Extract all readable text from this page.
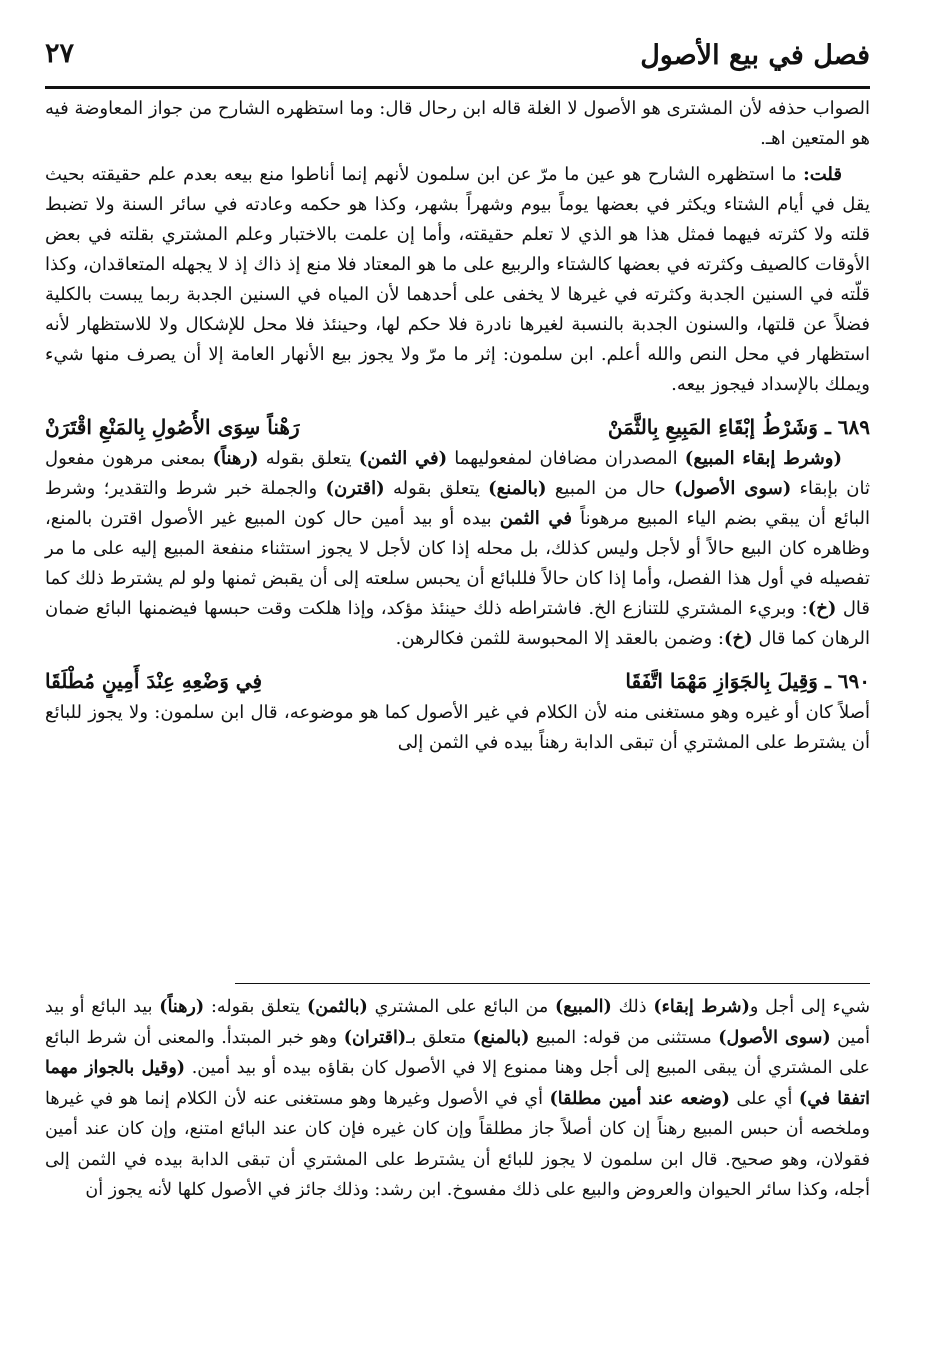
فصل في بيع الأصول
٢٧

الصواب حذفه لأن المشترى هو الأصول لا الغلة قاله ابن رحال قال: وما استظهره الشارح من جواز المعاوضة فيه هو المتعين اهـ.

قلت: ما استظهره الشارح هو عين ما مرّ عن ابن سلمون لأنهم إنما أناطوا منع بيعه بعدم علم حقيقته بحيث يقل في أيام الشتاء ويكثر في بعضها يوماً بيوم وشهراً بشهر، وكذا هو حكمه وعادته في سائر السنة ولا تضبط قلته ولا كثرته فيهما فمثل هذا هو الذي لا تعلم حقيقته، وأما إن علمت بالاختبار وعلم المشتري بقلته في بعض الأوقات كالصيف وكثرته في بعضها كالشتاء والربيع على ما هو المعتاد فلا منع إذ ذاك إذ لا يجهله المتعاقدان، وكذا قلّته في السنين الجدبة وكثرته في غيرها لا يخفى على أحدهما لأن المياه في السنين الجدبة ربما يبست بالكلية فضلاً عن قلتها، والسنون الجدبة بالنسبة لغيرها نادرة فلا حكم لها، وحينئذ فلا محل للإشكال ولا للاستظهار لأنه استظهار في محل النص والله أعلم. ابن سلمون: إثر ما مرّ ولا يجوز بيع الأنهار العامة إلا أن يصرف منها شيء ويملك بالإسداد فيجوز بيعه.

٦٨٩ ـ وَشَرْطُ إبْقَاءِ المَبِيعِ بِالثَّمَنْ
رَهْناً سِوَى الأُصُولِ بِالمَنْعِ اقْتَرَنْ

(وشرط إبقاء المبيع) المصدران مضافان لمفعوليهما (في الثمن) يتعلق بقوله (رهناً) بمعنى مرهون مفعول ثان بإبقاء (سوى الأصول) حال من المبيع (بالمنع) يتعلق بقوله (اقترن) والجملة خبر شرط والتقدير؛ وشرط البائع أن يبقي بضم الياء المبيع مرهوناً في الثمن بيده أو بيد أمين حال كون المبيع غير الأصول اقترن بالمنع، وظاهره كان البيع حالاً أو لأجل وليس كذلك، بل محله إذا كان لأجل لا يجوز استثناء منفعة المبيع إليه على ما مر تفصيله في أول هذا الفصل، وأما إذا كان حالاً فللبائع أن يحبس سلعته إلى أن يقبض ثمنها ولو لم يشترط ذلك كما قال (خ): وبريء المشتري للتنازع الخ. فاشتراطه ذلك حينئذ مؤكد، وإذا هلكت وقت حبسها فيضمنها البائع ضمان الرهان كما قال (خ): وضمن بالعقد إلا المحبوسة للثمن فكالرهن.

٦٩٠ ـ وَقِيلَ بِالجَوَازِ مَهْمَا اتَّفَقَا
فِي وَضْعِهِ عِنْدَ أَمِينٍ مُطْلَقَا

أصلاً كان أو غيره وهو مستغنى منه لأن الكلام في غير الأصول كما هو موضوعه، قال ابن سلمون: ولا يجوز للبائع أن يشترط على المشتري أن تبقى الدابة رهناً بيده في الثمن إلى

شيء إلى أجل و(شرط إبقاء) ذلك (المبيع) من البائع على المشتري (بالثمن) يتعلق بقوله: (رهناً) بيد البائع أو بيد أمين (سوى الأصول) مستثنى من قوله: المبيع (بالمنع) متعلق بـ(اقتران) وهو خبر المبتدأ. والمعنى أن شرط البائع على المشتري أن يبقى المبيع إلى أجل وهنا ممنوع إلا في الأصول كان بقاؤه بيده أو بيد أمين. (وقيل بالجواز مهما اتفقا في) أي على (وضعه عند أمين مطلقا) أي في الأصول وغيرها وهو مستغنى عنه لأن الكلام إنما هو في غيرها وملخصه أن حبس المبيع رهناً إن كان أصلاً جاز مطلقاً وإن كان غيره فإن كان عند البائع امتنع، وإن كان عند أمين فقولان، وهو صحيح. قال ابن سلمون لا يجوز للبائع أن يشترط على المشتري أن تبقى الدابة بيده في الثمن إلى أجله، وكذا سائر الحيوان والعروض والبيع على ذلك مفسوخ. ابن رشد: وذلك جائز في الأصول كلها لأنه يجوز أن
